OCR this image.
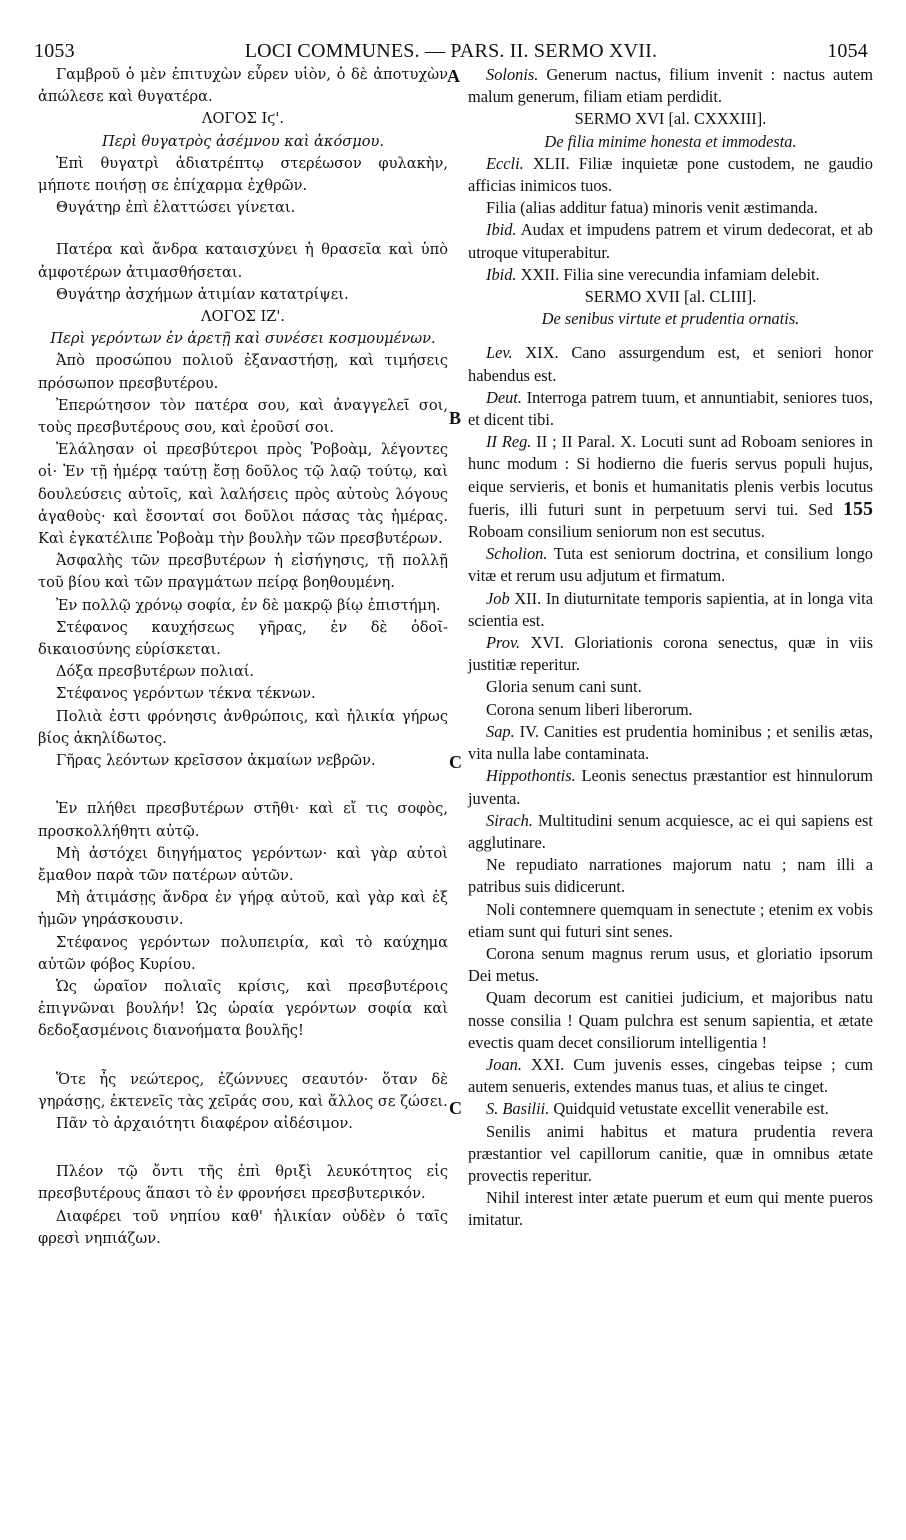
1053	LOCI COMMUNES. — PARS. II. SERMO XVII.	1054
A
B
C
C

Γαμβροῦ ὁ μὲν ἐπιτυχὼν εὗρεν υἱὸν, ὁ δὲ ἀποτυχὼν ἀπώλεσε καὶ θυγατέρα.

ΛΟΓΟΣ Ιϛ'.

Περὶ θυγατρὸς ἀσέμνου καὶ ἀκόσμου.

Ἐπὶ θυγατρὶ ἀδιατρέπτῳ στερέωσον φυλακὴν, μήποτε ποιήσῃ σε ἐπίχαρμα ἐχθρῶν.

Θυγάτηρ ἐπὶ ἐλαττώσει γίνεται.

Πατέρα καὶ ἄνδρα καταισχύνει ἡ θρασεῖα καὶ ὑπὸ ἀμφοτέρων ἀτιμασθήσεται.

Θυγάτηρ ἀσχήμων ἀτιμίαν κατατρίψει.

ΛΟΓΟΣ ΙΖ'.

Περὶ γερόντων ἐν ἀρετῇ καὶ συνέσει κοσμουμένων.

Ἀπὸ προσώπου πολιοῦ ἐξαναστήσῃ, καὶ τιμήσεις πρόσωπον πρεσβυτέρου.

Ἐπερώτησον τὸν πατέρα σου, καὶ ἀναγγελεῖ σοι, τοὺς πρεσβυτέρους σου, καὶ ἐροῦσί σοι.

Ἐλάλησαν οἱ πρεσβύτεροι πρὸς Ῥοβοὰμ, λέγοντες οἱ· Ἐν τῇ ἡμέρᾳ ταύτῃ ἔσῃ δοῦλος τῷ λαῷ τούτῳ, καὶ δουλεύσεις αὐτοῖς, καὶ λαλήσεις πρὸς αὐτοὺς λόγους ἀγαθοὺς· καὶ ἔσονταί σοι δοῦλοι πάσας τὰς ἡμέρας. Καὶ ἐγκατέλιπε Ῥοβοὰμ τὴν βουλὴν τῶν πρεσβυτέρων.

Ἀσφαλὴς τῶν πρεσβυτέρων ἡ εἰσήγησις, τῇ πολλῇ τοῦ βίου καὶ τῶν πραγμάτων πείρᾳ βοηθουμένη.

Ἐν πολλῷ χρόνῳ σοφία, ἐν δὲ μακρῷ βίῳ ἐπιστήμη.

Στέφανος καυχήσεως γῆρας, ἐν δὲ ὁδοῖ- δικαιοσύνης εὑρίσκεται.

Δόξα πρεσβυτέρων πολιαί.

Στέφανος γερόντων τέκνα τέκνων.

Πολιὰ ἐστι φρόνησις ἀνθρώποις, καὶ ἡλικία γήρως βίος ἀκηλίδωτος.

Γῆρας λεόντων κρεῖσσον ἀκμαίων νεβρῶν.

Ἐν πλήθει πρεσβυτέρων στῆθι· καὶ εἴ τις σοφὸς, προσκολλήθητι αὐτῷ.

Μὴ ἀστόχει διηγήματος γερόντων· καὶ γὰρ αὐτοὶ ἔμαθον παρὰ τῶν πατέρων αὐτῶν.

Μὴ ἀτιμάσῃς ἄνδρα ἐν γήρᾳ αὐτοῦ, καὶ γὰρ καὶ ἐξ ἡμῶν γηράσκουσιν.

Στέφανος γερόντων πολυπειρία, καὶ τὸ καύχημα αὐτῶν φόβος Κυρίου.

Ὡς ὡραῖον πολιαῖς κρίσις, καὶ πρεσβυτέροις ἐπιγνῶναι βουλήν! Ὡς ὡραία γερόντων σοφία καὶ δεδοξασμένοις διανοήματα βουλῆς!

Ὅτε ἦς νεώτερος, ἐζώννυες σεαυτόν· ὅταν δὲ γηράσῃς, ἐκτενεῖς τὰς χεῖράς σου, καὶ ἄλλος σε ζώσει.

Πᾶν τὸ ἀρχαιότητι διαφέρον αἰδέσιμον.

Πλέον τῷ ὄντι τῆς ἐπὶ θριξὶ λευκότητος εἰς πρεσβυτέρους ἅπασι τὸ ἐν φρονήσει πρεσβυτερικόν.

Διαφέρει τοῦ νηπίου καθ' ἡλικίαν οὐδὲν ὁ ταῖς φρεσὶ νηπιάζων.

Solonis. Generum nactus, filium invenit : nactus autem malum generum, filiam etiam perdidit.

SERMO XVI [al. CXXXIII].

De filia minime honesta et immodesta.

Eccli. XLII. Filiæ inquietæ pone custodem, ne gaudio afficias inimicos tuos.

Filia (alias additur fatua) minoris venit æstimanda.

Ibid. Audax et impudens patrem et virum dedecorat, et ab utroque vituperabitur.

Ibid. XXII. Filia sine verecundia infamiam delebit.

SERMO XVII [al. CLIII].

De senibus virtute et prudentia ornatis.

Lev. XIX. Cano assurgendum est, et seniori honor habendus est.

Deut. Interroga patrem tuum, et annuntiabit, seniores tuos, et dicent tibi.

II Reg. II ; II Paral. X. Locuti sunt ad Roboam seniores in hunc modum : Si hodierno die fueris servus populi hujus, eique servieris, et bonis et humanitatis plenis verbis locutus fueris, illi futuri sunt in perpetuum servi tui. Sed 155 Roboam consilium seniorum non est secutus.

Scholion. Tuta est seniorum doctrina, et consilium longo vitæ et rerum usu adjutum et firmatum.

Job XII. In diuturnitate temporis sapientia, at in longa vita scientia est.

Prov. XVI. Gloriationis corona senectus, quæ in viis justitiæ reperitur.

Gloria senum cani sunt.

Corona senum liberi liberorum.

Sap. IV. Canities est prudentia hominibus ; et senilis ætas, vita nulla labe contaminata.

Hippothontis. Leonis senectus præstantior est hinnulorum juventa.

Sirach. Multitudini senum acquiesce, ac ei qui sapiens est agglutinare.

Ne repudiato narrationes majorum natu ; nam illi a patribus suis didicerunt.

Noli contemnere quemquam in senectute ; etenim ex vobis etiam sunt qui futuri sint senes.

Corona senum magnus rerum usus, et gloriatio ipsorum Dei metus.

Quam decorum est canitiei judicium, et majoribus natu nosse consilia ! Quam pulchra est senum sapientia, et ætate evectis quam decet consiliorum intelligentia !

Joan. XXI. Cum juvenis esses, cingebas teipse ; cum autem senueris, extendes manus tuas, et alius te cinget.

S. Basilii. Quidquid vetustate excellit venerabile est.

Senilis animi habitus et matura prudentia revera præstantior vel capillorum canitie, quæ in omnibus ætate provectis reperitur.

Nihil interest inter ætate puerum et eum qui mente pueros imitatur.
